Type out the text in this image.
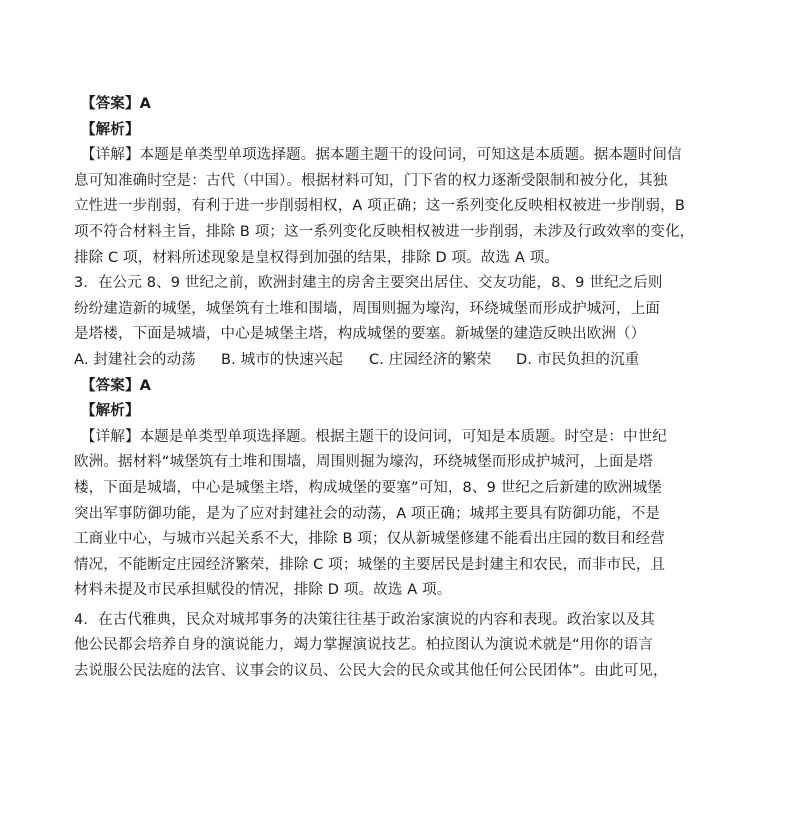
【答案】A
【解析】
【详解】本题是单类型单项选择题。据本题主题干的设问词，可知这是本质题。据本题时间信
息可知准确时空是：古代（中国）。根据材料可知，门下省的权力逐渐受限制和被分化，其独
立性进一步削弱，有利于进一步削弱相权，A 项正确；这一系列变化反映相权被进一步削弱，B
项不符合材料主旨，排除 B 项；这一系列变化反映相权被进一步削弱，未涉及行政效率的变化，
排除 C 项，材料所述现象是皇权得到加强的结果，排除 D 项。故选 A 项。
3．在公元 8、9 世纪之前，欧洲封建主的房舍主要突出居住、交友功能，8、9 世纪之后则
纷纷建造新的城堡，城堡筑有土堆和围墙，周围则掘为壕沟，环绕城堡而形成护城河，上面
是塔楼，下面是城墙，中心是城堡主塔，构成城堡的要塞。新城堡的建造反映出欧洲（）
A. 封建社会的动荡	B. 城市的快速兴起	C. 庄园经济的繁荣	D. 市民负担的沉重
【答案】A
【解析】
【详解】本题是单类型单项选择题。根据主题干的设问词，可知是本质题。时空是：中世纪
欧洲。据材料“城堡筑有土堆和围墙，周围则掘为壕沟，环绕城堡而形成护城河，上面是塔
楼，下面是城墙，中心是城堡主塔，构成城堡的要塞”可知，8、9 世纪之后新建的欧洲城堡
突出军事防御功能，是为了应对封建社会的动荡，A 项正确；城邦主要具有防御功能，不是
工商业中心，与城市兴起关系不大，排除 B 项；仅从新城堡修建不能看出庄园的数目和经营
情况，不能断定庄园经济繁荣，排除 C 项；城堡的主要居民是封建主和农民，而非市民，且
材料未提及市民承担赋役的情况，排除 D 项。故选 A 项。
4．在古代雅典，民众对城邦事务的决策往往基于政治家演说的内容和表现。政治家以及其
他公民都会培养自身的演说能力，竭力掌握演说技艺。柏拉图认为演说术就是“用你的语言
去说服公民法庭的法官、议事会的议员、公民大会的民众或其他任何公民团体”。由此可见，
